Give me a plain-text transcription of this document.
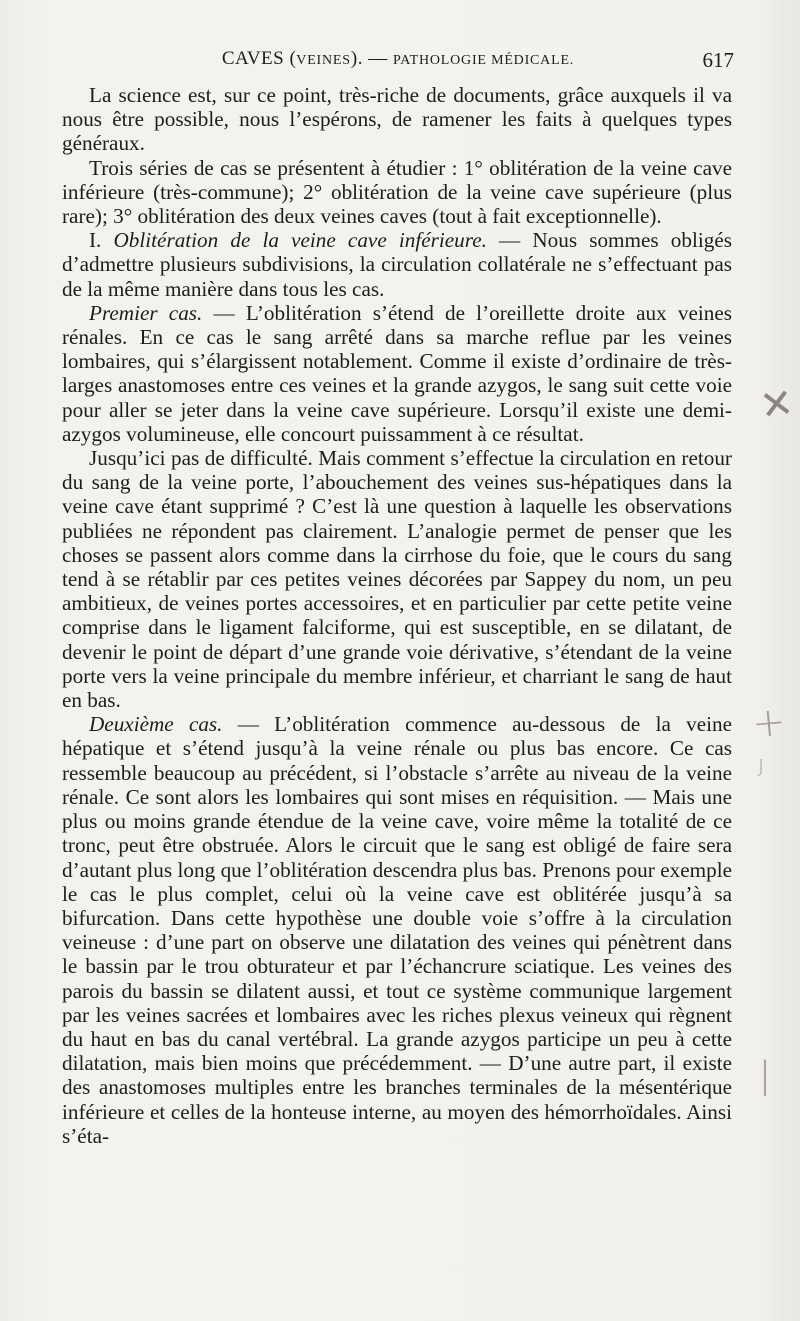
CAVES (VEINES). — PATHOLOGIE MÉDICALE.	617

La science est, sur ce point, très-riche de documents, grâce auxquels il va nous être possible, nous l’espérons, de ramener les faits à quelques types généraux.

Trois séries de cas se présentent à étudier : 1° oblitération de la veine cave inférieure (très-commune); 2° oblitération de la veine cave supérieure (plus rare); 3° oblitération des deux veines caves (tout à fait exceptionnelle).

I. Oblitération de la veine cave inférieure. — Nous sommes obligés d’admettre plusieurs subdivisions, la circulation collatérale ne s’effectuant pas de la même manière dans tous les cas.

Premier cas. — L’oblitération s’étend de l’oreillette droite aux veines rénales. En ce cas le sang arrêté dans sa marche reflue par les veines lombaires, qui s’élargissent notablement. Comme il existe d’ordinaire de très-larges anastomoses entre ces veines et la grande azygos, le sang suit cette voie pour aller se jeter dans la veine cave supérieure. Lorsqu’il existe une demi-azygos volumineuse, elle concourt puissamment à ce résultat.

Jusqu’ici pas de difficulté. Mais comment s’effectue la circulation en retour du sang de la veine porte, l’abouchement des veines sus-hépatiques dans la veine cave étant supprimé ? C’est là une question à laquelle les observations publiées ne répondent pas clairement. L’analogie permet de penser que les choses se passent alors comme dans la cirrhose du foie, que le cours du sang tend à se rétablir par ces petites veines décorées par Sappey du nom, un peu ambitieux, de veines portes accessoires, et en particulier par cette petite veine comprise dans le ligament falciforme, qui est susceptible, en se dilatant, de devenir le point de départ d’une grande voie dérivative, s’étendant de la veine porte vers la veine principale du membre inférieur, et charriant le sang de haut en bas.

Deuxième cas. — L’oblitération commence au-dessous de la veine hépatique et s’étend jusqu’à la veine rénale ou plus bas encore. Ce cas ressemble beaucoup au précédent, si l’obstacle s’arrête au niveau de la veine rénale. Ce sont alors les lombaires qui sont mises en réquisition. — Mais une plus ou moins grande étendue de la veine cave, voire même la totalité de ce tronc, peut être obstruée. Alors le circuit que le sang est obligé de faire sera d’autant plus long que l’oblitération descendra plus bas. Prenons pour exemple le cas le plus complet, celui où la veine cave est oblitérée jusqu’à sa bifurcation. Dans cette hypothèse une double voie s’offre à la circulation veineuse : d’une part on observe une dilatation des veines qui pénètrent dans le bassin par le trou obturateur et par l’échancrure sciatique. Les veines des parois du bassin se dilatent aussi, et tout ce système communique largement par les veines sacrées et lombaires avec les riches plexus veineux qui règnent du haut en bas du canal vertébral. La grande azygos participe un peu à cette dilatation, mais bien moins que précédemment. — D’une autre part, il existe des anastomoses multiples entre les branches terminales de la mésentérique inférieure et celles de la honteuse interne, au moyen des hémorrhoïdales. Ainsi s’éta-

✕
+
ȷ
│
